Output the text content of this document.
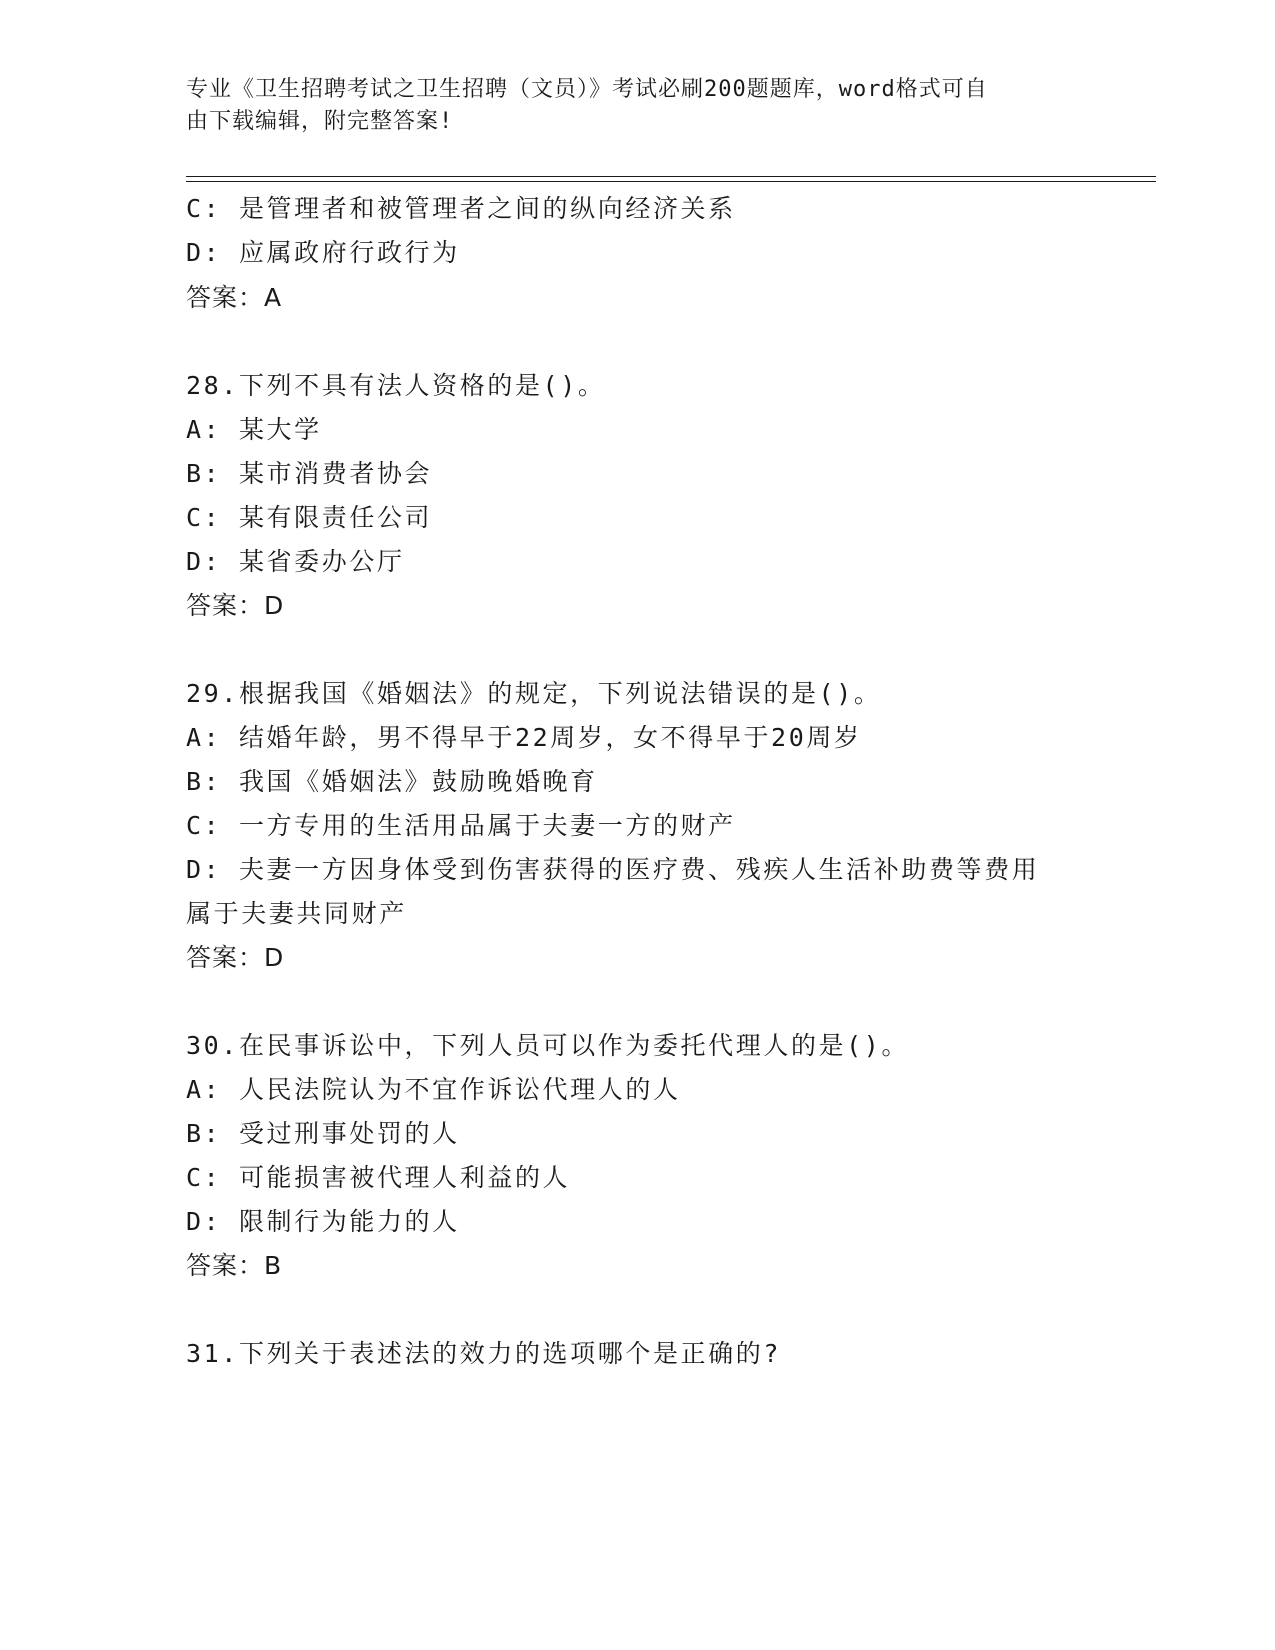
专业《卫生招聘考试之卫生招聘（文员）》考试必刷200题题库，word格式可自
由下载编辑，附完整答案!
C: 是管理者和被管理者之间的纵向经济关系
D: 应属政府行政行为
答案：A
28.下列不具有法人资格的是()。
A: 某大学
B: 某市消费者协会
C: 某有限责任公司
D: 某省委办公厅
答案：D
29.根据我国《婚姻法》的规定，下列说法错误的是()。
A: 结婚年龄，男不得早于22周岁，女不得早于20周岁
B: 我国《婚姻法》鼓励晚婚晚育
C: 一方专用的生活用品属于夫妻一方的财产
D: 夫妻一方因身体受到伤害获得的医疗费、残疾人生活补助费等费用
属于夫妻共同财产
答案：D
30.在民事诉讼中，下列人员可以作为委托代理人的是()。
A: 人民法院认为不宜作诉讼代理人的人
B: 受过刑事处罚的人
C: 可能损害被代理人利益的人
D: 限制行为能力的人
答案：B
31.下列关于表述法的效力的选项哪个是正确的?
